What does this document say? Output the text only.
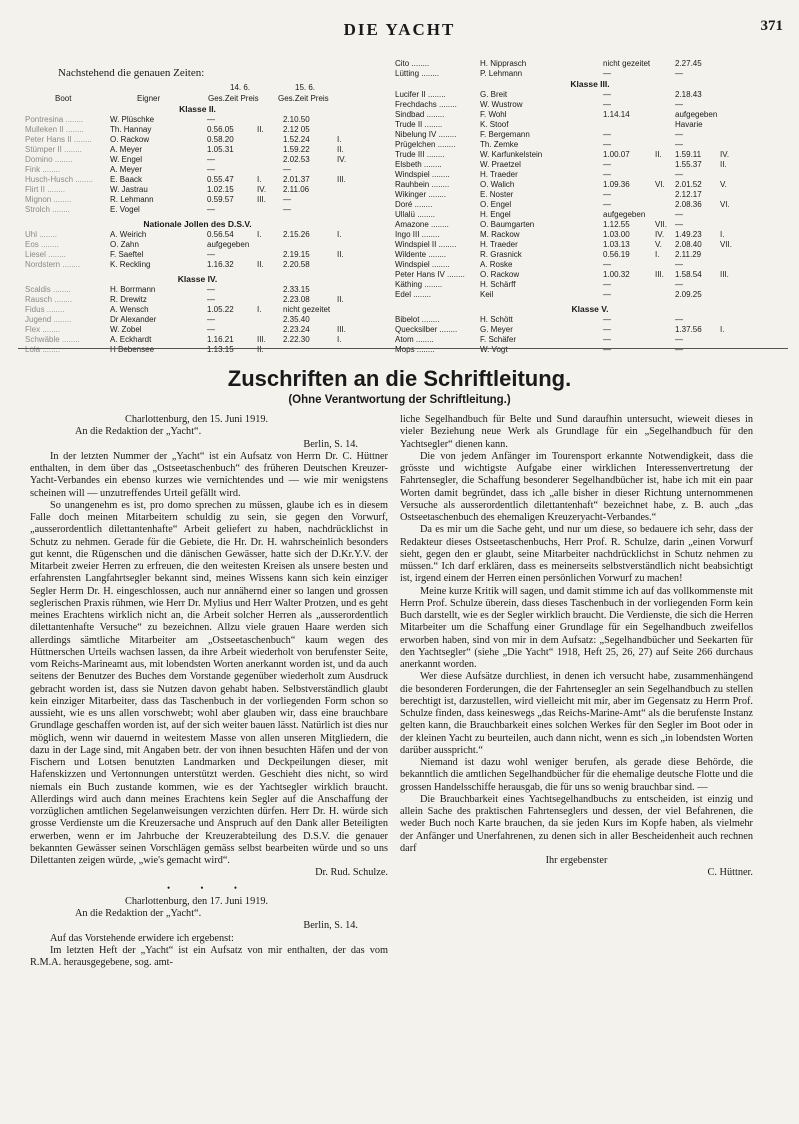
DIE YACHT	371
Nachstehend die genauen Zeiten:
14. 6.	15. 6.
Boot	Eigner	Ges.Zeit Preis Ges.Zeit Preis
Klasse II.
Pontresina ........	W. Plüschke	—	2.10.50
Mulleken II ........	Th. Hannay	0.56.05	II. 2.12 05
Peter Hans II ........ O. Rackow	0.58.20	1.52.24	I.
Stümper II ........	A. Meyer	1.05.31	1.59.22	II.
Domino ........	W. Engel	—	2.02.53	IV.
Fink ........	A. Meyer	—	—
Husch-Husch ........ E. Baack	0.55.47	I.	2.01.37	III.
Flirt II ........	W. Jastrau	1.02.15	IV. 2.11.06
Mignon ........	R. Lehmann	0.59.57	III. —
Strolch ........	E. Vogel	—	—
Nationale Jollen des D.S.V.
Uhl ........	A. Weirich	0.56.54	I.	2.15.26	I.
Eos ........	O. Zahn	aufgegeben
Liesel ........	F. Saeftel	—	2.19.15	II.
Nordstern ........	K. Reckling	1.16.32	II. 2.20.58
Klasse IV.
Scaldis ........	H. Borrmann	—	2.33.15
Rausch ........	R. Drewitz	—	2.23.08	II.
Fidus ........	A. Wensch	1.05.22	I.	nicht gezeitet
Jugend ........	Dr Alexander	—	2.35.40
Flex ........	W. Zobel	—	2.23.24	III.
Schwäble ........	A. Eckhardt	1.16.21	III. 2.22.30	I.
Lola ........	H Bebensee	1.13.15	II.
Cito ........	H. Nipprasch	nicht gezeitet	2.27.45
Lütting ........	P. Lehmann	—	—
Klasse III.
Lucifer II ........	G. Breit	—	2.18.43
Frechdachs ........	W. Wustrow	—	—
Sindbad ........	F. Wohl	1.14.14	aufgegeben
Trude II ........	K. Stoof	Havarie
Nibelung IV ........	F. Bergemann	—	—
Prügelchen ........	Th. Zemke	—	—
Trude III ........	W. Karfunkelstein	1.00.07	II. 1.59.11 IV.
Elsbeth ........	W. Praetzel	—	1.55.37 II.
Windspiel ........	H. Traeder	—	—
Rauhbein ........	O. Walich	1.09.36	VI. 2.01.52 V.
Wikinger ........	E. Noster	—	2.12.17
Doré ........	O. Engel	—	2.08.36 VI.
Ullalü ........	H. Engel	aufgegeben	—
Amazone ........	O. Baumgarten	1.12.55	VII. —
Ingo III ........	M. Rackow	1.03.00	IV. 1.49.23 I.
Windspiel II ........	H. Traeder	1.03.13	V. 2.08.40 VII.
Wildente ........	R. Grasnick	0.56.19	I. 2.11.29
Windspiel ........	A. Roske	—	—
Peter Hans IV ........ O. Rackow	1.00.32	III. 1.58.54 III.
Käthing ........	H. Schärff	—	—
Edel ........	Keil	—	2.09.25
Klasse V.
Bibelot ........	H. Schött	—	—
Quecksilber ........	G. Meyer	—	1.37.56 I.
Atom ........	F. Schäfer	—	—
Mops ........	W. Vogt	—	—
Zuschriften an die Schriftleitung.
(Ohne Verantwortung der Schriftleitung.)

Charlottenburg, den 15. Juni 1919.

An die Redaktion der „Yacht“.

Berlin, S. 14.

In der letzten Nummer der „Yacht“ ist ein Aufsatz von Herrn Dr. C. Hüttner enthalten, in dem über das „Ostseetaschenbuch“ des früheren Deutschen Kreuzer-Yacht-Verbandes ein ebenso kurzes wie vernichtendes und — wie mir wenigstens scheinen will — unzutreffendes Urteil gefällt wird.

So unangenehm es ist, pro domo sprechen zu müssen, glaube ich es in diesem Falle doch meinen Mitarbeitern schuldig zu sein, sie gegen den Vorwurf, „ausserordentlich dilettantenhafte“ Arbeit geliefert zu haben, nachdrücklichst in Schutz zu nehmen. Gerade für die Gebiete, die Hr. Dr. H. wahrscheinlich besonders gut kennt, die Rügenschen und die dänischen Gewässer, hatte sich der D.Kr.Y.V. der Mitarbeit zweier Herren zu erfreuen, die den weitesten Kreisen als unsere besten und erfahrensten Langfahrtsegler bekannt sind, meines Wissens kann sich kein einziger Segler Herrn Dr. H. eingeschlossen, auch nur annähernd einer so langen und grossen seglerischen Praxis rühmen, wie Herr Dr. Mylius und Herr Walter Protzen, und es geht meines Erachtens wirklich nicht an, die Arbeit solcher Herren als „ausserordentlich dilettantenhafte Versuche“ zu bezeichnen. Allzu viele grauen Haare werden sich allerdings sämtliche Mitarbeiter am „Ostseetaschenbuch“ kaum wegen des Hüttnerschen Urteils wachsen lassen, da ihre Arbeit wiederholt von berufenster Seite, vom Reichs-Marineamt aus, mit lobendsten Worten anerkannt worden ist, und da auch seitens der Benutzer des Buches dem Vorstande gegenüber wiederholt zum Ausdruck gebracht worden ist, dass sie Nutzen davon gehabt haben. Selbstverständlich glaubt kein einziger Mitarbeiter, dass das Taschenbuch in der vorliegenden Form schon so aussieht, wie es uns allen vorschwebt; wohl aber glauben wir, dass eine brauchbare Grundlage geschaffen worden ist, auf der sich weiter bauen lässt. Natürlich ist dies nur möglich, wenn wir dauernd in weitestem Masse von allen unseren Mitgliedern, die dazu in der Lage sind, mit Angaben betr. der von ihnen besuchten Häfen und der von Fischern und Lotsen benutzten Landmarken und Deckpeilungen dieser, mit Hafenskizzen und Vertonnungen unterstützt werden. Geschieht dies nicht, so wird niemals ein Buch zustande kommen, wie es der Yachtsegler wirklich braucht. Allerdings wird auch dann meines Erachtens kein Segler auf die Anschaffung der vorzüglichen amtlichen Segelanweisungen verzichten dürfen. Herr Dr. H. würde sich grosse Verdienste um die Kreuzersache und Anspruch auf den Dank aller Beteiligten erwerben, wenn er im Jahrbuche der Kreuzerabteilung des D.S.V. die genauer bekannten Gewässer seinen Vorschlägen gemäss selbst bearbeiten würde und so uns Dilettanten zeigen würde, „wie's gemacht wird“.

Dr. Rud. Schulze.

• • •

Charlottenburg, den 17. Juni 1919.

An die Redaktion der „Yacht“.

Berlin, S. 14.

Auf das Vorstehende erwidere ich ergebenst:

Im letzten Heft der „Yacht“ ist ein Aufsatz von mir enthalten, der das vom R.M.A. herausgegebene, sog. amt-

liche Segelhandbuch für Belte und Sund daraufhin untersucht, wieweit dieses in vieler Beziehung neue Werk als Grundlage für ein „Segelhandbuch für den Yachtsegler“ dienen kann.

Die von jedem Anfänger im Tourensport erkannte Notwendigkeit, dass die grösste und wichtigste Aufgabe einer wirklichen Interessenvertretung der Fahrtensegler, die Schaffung besonderer Segelhandbücher ist, habe ich mit ein paar Worten damit begründet, dass ich „alle bisher in dieser Richtung unternommenen Versuche als ausserordentlich dilettantenhaft“ bezeichnet habe, z. B. auch „das Ostseetaschenbuch des ehemaligen Kreuzeryacht-Verbandes.“

Da es mir um die Sache geht, und nur um diese, so bedauere ich sehr, dass der Redakteur dieses Ostseetaschenbuchs, Herr Prof. R. Schulze, darin „einen Vorwurf sieht, gegen den er glaubt, seine Mitarbeiter nachdrücklichst in Schutz nehmen zu müssen.“ Ich darf erklären, dass es meinerseits selbstverständlich nicht beabsichtigt ist, irgend einem der Herren einen persönlichen Vorwurf zu machen!

Meine kurze Kritik will sagen, und damit stimme ich auf das vollkommenste mit Herrn Prof. Schulze überein, dass dieses Taschenbuch in der vorliegenden Form kein Buch darstellt, wie es der Segler wirklich braucht. Die Verdienste, die sich die Herren Mitarbeiter um die Schaffung einer Grundlage für ein Segelhandbuch zweifellos erworben haben, sind von mir in dem Aufsatz: „Segelhandbücher und Seekarten für den Yachtsegler“ (siehe „Die Yacht“ 1918, Heft 25, 26, 27) auf Seite 266 durchaus anerkannt worden.

Wer diese Aufsätze durchliest, in denen ich versucht habe, zusammenhängend die besonderen Forderungen, die der Fahrtensegler an sein Segelhandbuch zu stellen berechtigt ist, darzustellen, wird vielleicht mit mir, aber im Gegensatz zu Herrn Prof. Schulze finden, dass keineswegs „das Reichs-Marine-Amt“ als die berufenste Instanz gelten kann, die Brauchbarkeit eines solchen Werkes für den Segler im Boot oder in der kleinen Yacht zu beurteilen, auch dann nicht, wenn es sich „in lobendsten Worten darüber ausspricht.“

Niemand ist dazu wohl weniger berufen, als gerade diese Behörde, die bekanntlich die amtlichen Segelhandbücher für die ehemalige deutsche Flotte und die grossen Handelsschiffe herausgab, die für uns so wenig brauchbar sind. —

Die Brauchbarkeit eines Yachtsegelhandbuchs zu entscheiden, ist einzig und allein Sache des praktischen Fahrtenseglers und dessen, der viel Befahrenen, die weder Buch noch Karte brauchen, da sie jeden Kurs im Kopfe haben, als vielmehr der Anfänger und Unerfahrenen, zu denen sich in aller Bescheidenheit auch rechnen darf

Ihr ergebenster

C. Hüttner.
